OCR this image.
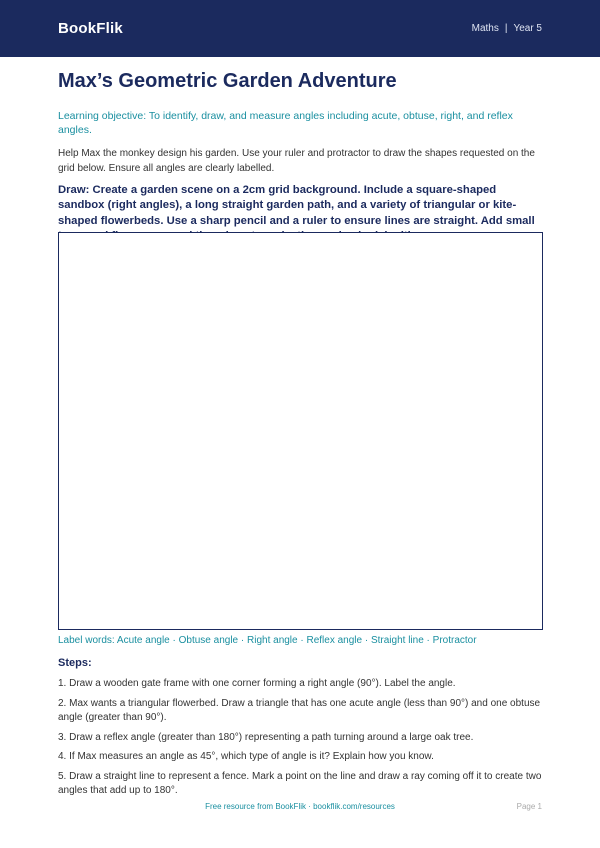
BookFlik	Maths | Year 5
Max’s Geometric Garden Adventure
Learning objective: To identify, draw, and measure angles including acute, obtuse, right, and reflex angles.
Help Max the monkey design his garden. Use your ruler and protractor to draw the shapes requested on the grid below. Ensure all angles are clearly labelled.
Draw: Create a garden scene on a 2cm grid background. Include a square-shaped sandbox (right angles), a long straight garden path, and a variety of triangular or kite-shaped flowerbeds. Use a sharp pencil and a ruler to ensure lines are straight. Add small
Label words: Acute angle · Obtuse angle · Right angle · Reflex angle · Straight line · Protractor
Steps:
1. Draw a wooden gate frame with one corner forming a right angle (90°). Label the angle.
2. Max wants a triangular flowerbed. Draw a triangle that has one acute angle (less than 90°) and one obtuse angle (greater than 90°).
3. Draw a reflex angle (greater than 180°) representing a path turning around a large oak tree.
4. If Max measures an angle as 45°, which type of angle is it? Explain how you know.
5. Draw a straight line to represent a fence. Mark a point on the line and draw a ray coming off it to create two angles that add up to 180°.
Free resource from BookFlik · bookflik.com/resources	Page 1
